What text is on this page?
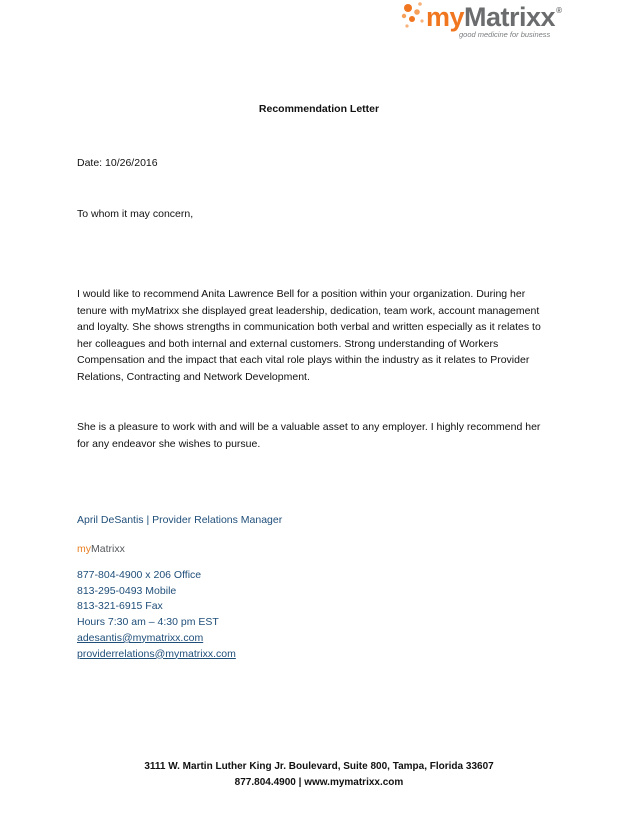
myMatrixx®
good medicine for business
Recommendation Letter
Date: 10/26/2016
To whom it may concern,
I would like to recommend Anita Lawrence Bell for a position within your organization. During her
tenure with myMatrixx she displayed great leadership, dedication, team work, account management
and loyalty. She shows strengths in communication both verbal and written especially as it relates to
her colleagues and both internal and external customers. Strong understanding of Workers
Compensation and the impact that each vital role plays within the industry as it relates to Provider
Relations, Contracting and Network Development.
She is a pleasure to work with and will be a valuable asset to any employer. I highly recommend her
for any endeavor she wishes to pursue.
April DeSantis | Provider Relations Manager
myMatrixx
877-804-4900 x 206 Office
813-295-0493 Mobile
813-321-6915 Fax
Hours 7:30 am – 4:30 pm EST
adesantis@mymatrixx.com
providerrelations@mymatrixx.com
3111 W. Martin Luther King Jr. Boulevard, Suite 800, Tampa, Florida 33607
877.804.4900 | www.mymatrixx.com
